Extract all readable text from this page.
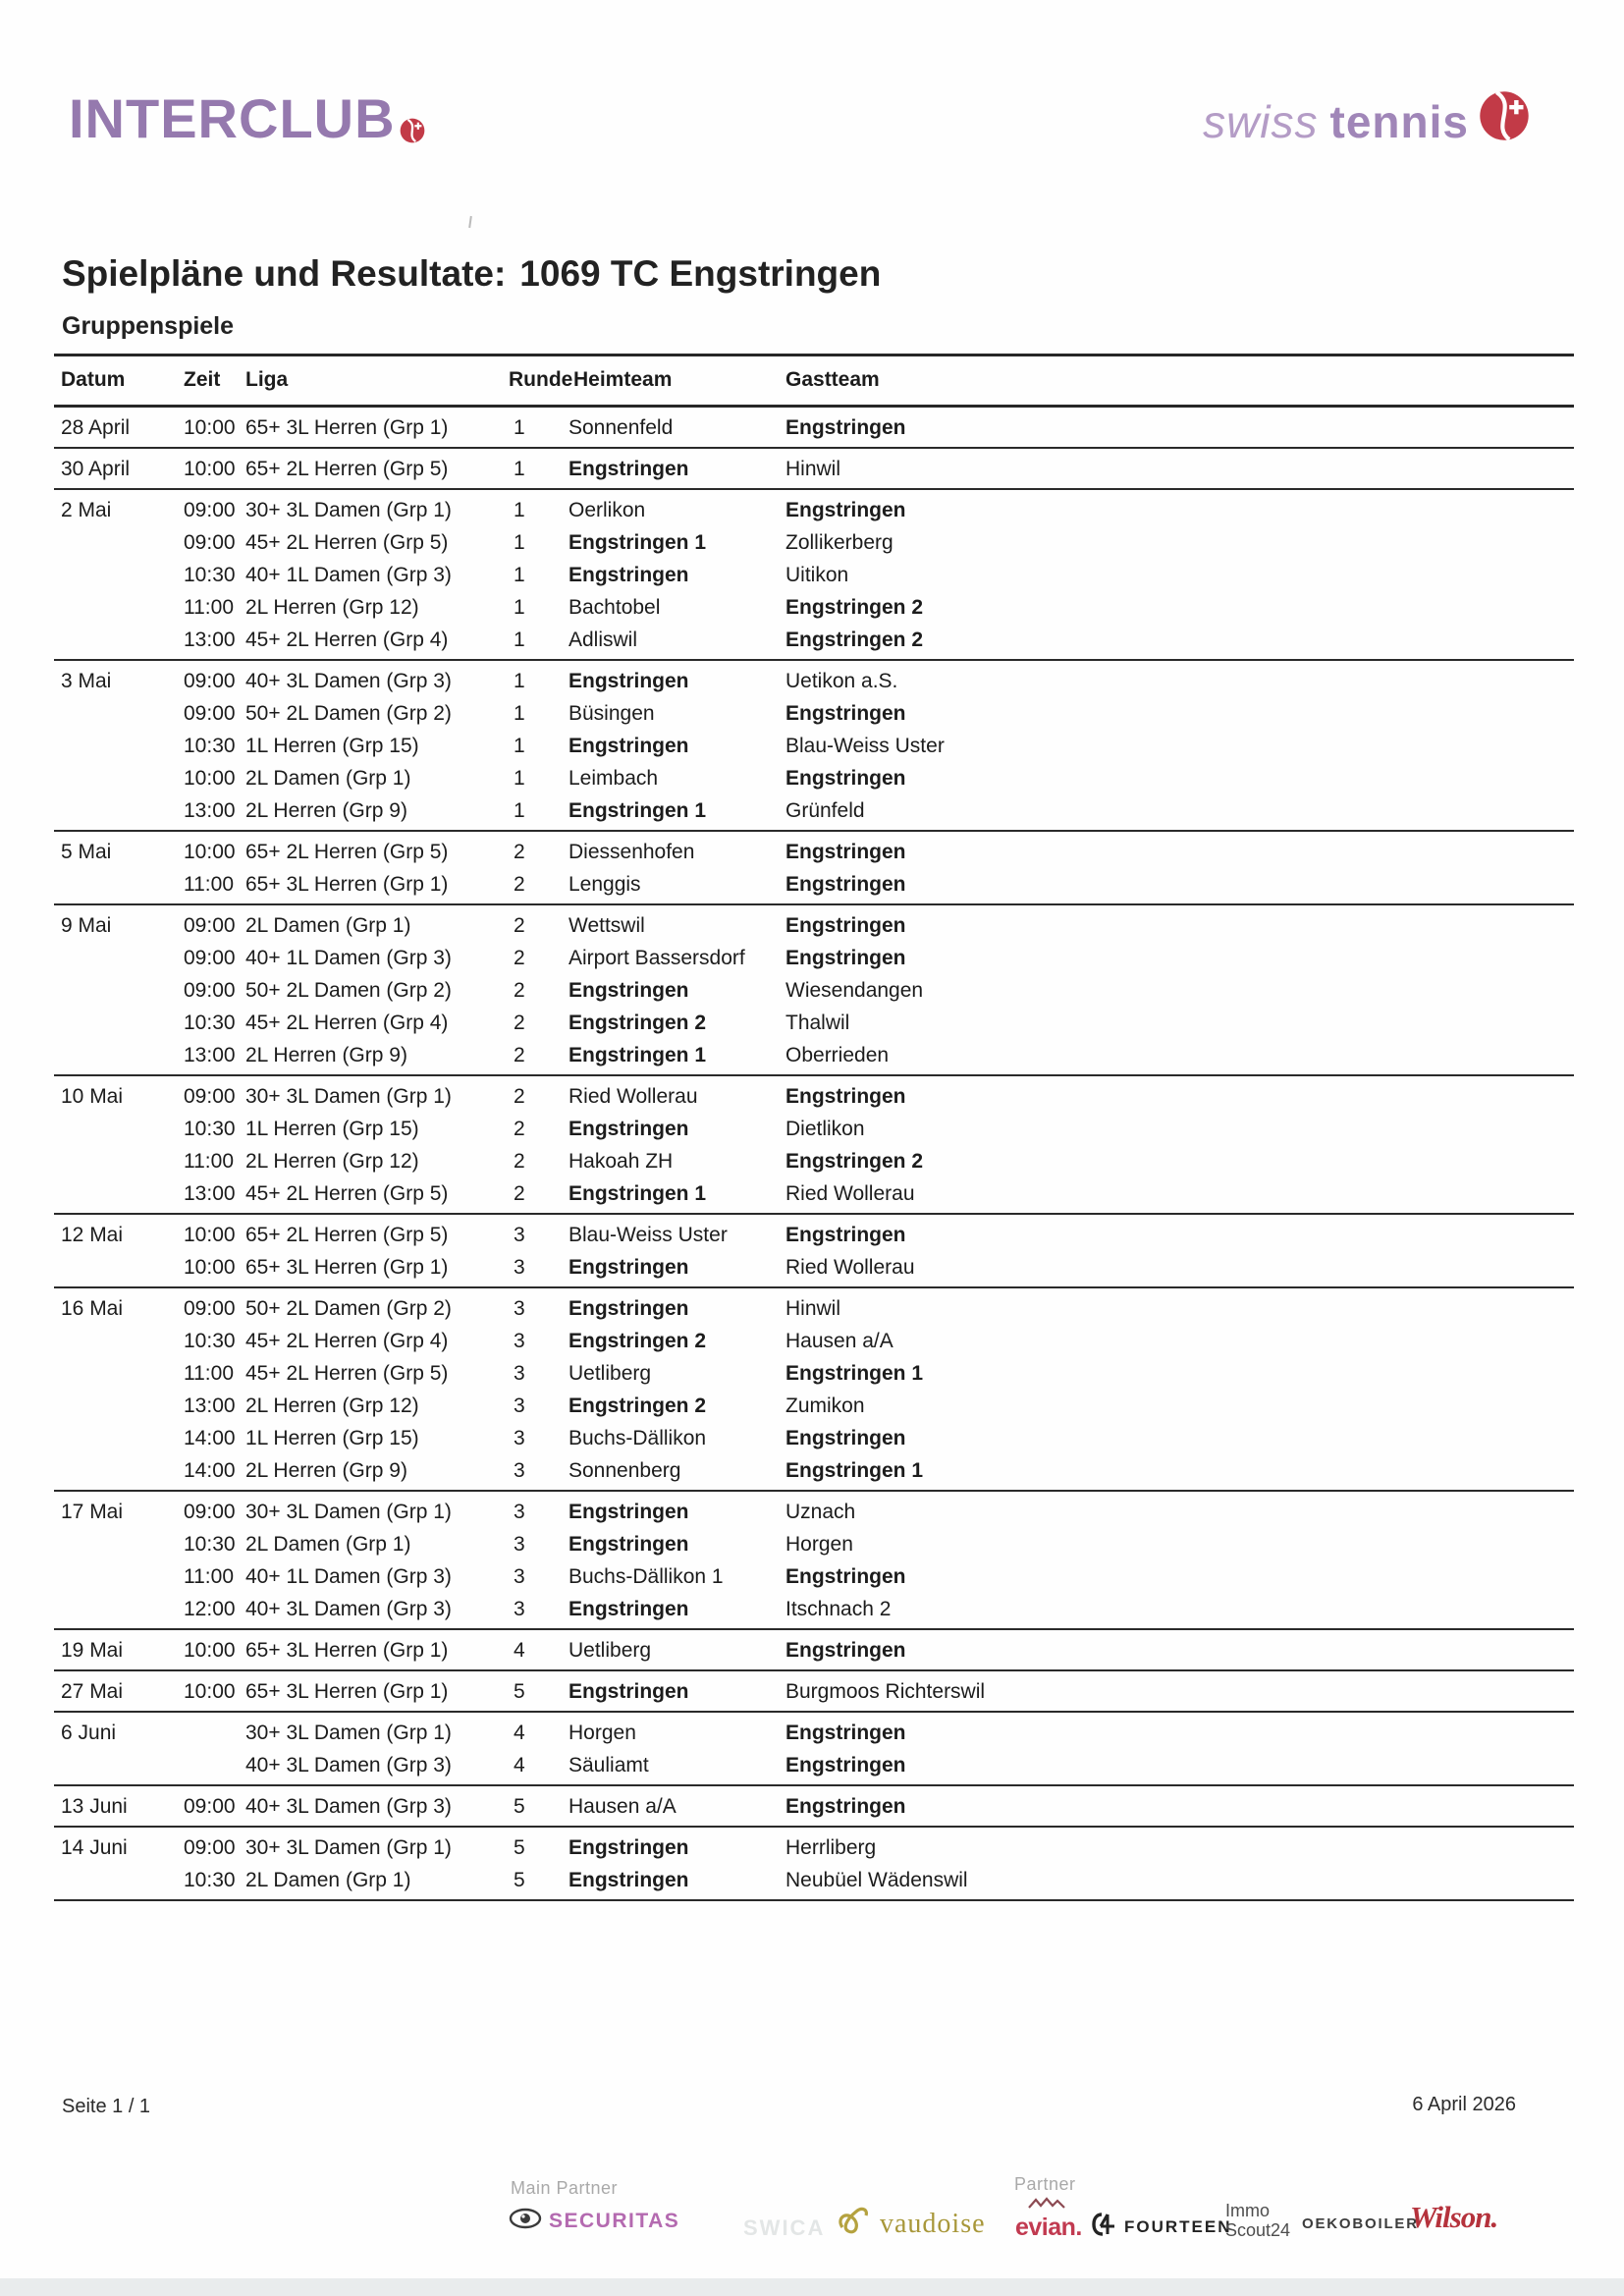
INTERCLUB	swiss tennis
Spielpläne und Resultate: 1069 TC Engstringen
Gruppenspiele
Datum	Zeit Liga	Runde Heimteam	Gastteam
28 April	10:00 65+ 3L Herren (Grp 1)	1	Sonnenfeld	Engstringen
30 April	10:00 65+ 2L Herren (Grp 5)	1	Engstringen	Hinwil
2 Mai	09:00 30+ 3L Damen (Grp 1)	1	Oerlikon	Engstringen
09:00 45+ 2L Herren (Grp 5)	1	Engstringen 1	Zollikerberg
10:30 40+ 1L Damen (Grp 3)	1	Engstringen	Uitikon
11:00 2L Herren (Grp 12)	1	Bachtobel	Engstringen 2
13:00 45+ 2L Herren (Grp 4)	1	Adliswil	Engstringen 2
3 Mai	09:00 40+ 3L Damen (Grp 3)	1	Engstringen	Uetikon a.S.
09:00 50+ 2L Damen (Grp 2)	1	Büsingen	Engstringen
10:30 1L Herren (Grp 15)	1	Engstringen	Blau-Weiss Uster
10:00 2L Damen (Grp 1)	1	Leimbach	Engstringen
13:00 2L Herren (Grp 9)	1	Engstringen 1	Grünfeld
5 Mai	10:00 65+ 2L Herren (Grp 5)	2	Diessenhofen	Engstringen
11:00 65+ 3L Herren (Grp 1)	2	Lenggis	Engstringen
9 Mai	09:00 2L Damen (Grp 1)	2	Wettswil	Engstringen
09:00 40+ 1L Damen (Grp 3)	2	Airport Bassersdorf	Engstringen
09:00 50+ 2L Damen (Grp 2)	2	Engstringen	Wiesendangen
10:30 45+ 2L Herren (Grp 4)	2	Engstringen 2	Thalwil
13:00 2L Herren (Grp 9)	2	Engstringen 1	Oberrieden
10 Mai	09:00 30+ 3L Damen (Grp 1)	2	Ried Wollerau	Engstringen
10:30 1L Herren (Grp 15)	2	Engstringen	Dietlikon
11:00 2L Herren (Grp 12)	2	Hakoah ZH	Engstringen 2
13:00 45+ 2L Herren (Grp 5)	2	Engstringen 1	Ried Wollerau
12 Mai	10:00 65+ 2L Herren (Grp 5)	3	Blau-Weiss Uster	Engstringen
10:00 65+ 3L Herren (Grp 1)	3	Engstringen	Ried Wollerau
16 Mai	09:00 50+ 2L Damen (Grp 2)	3	Engstringen	Hinwil
10:30 45+ 2L Herren (Grp 4)	3	Engstringen 2	Hausen a/A
11:00 45+ 2L Herren (Grp 5)	3	Uetliberg	Engstringen 1
13:00 2L Herren (Grp 12)	3	Engstringen 2	Zumikon
14:00 1L Herren (Grp 15)	3	Buchs-Dällikon	Engstringen
14:00 2L Herren (Grp 9)	3	Sonnenberg	Engstringen 1
17 Mai	09:00 30+ 3L Damen (Grp 1)	3	Engstringen	Uznach
10:30 2L Damen (Grp 1)	3	Engstringen	Horgen
11:00 40+ 1L Damen (Grp 3)	3	Buchs-Dällikon 1	Engstringen
12:00 40+ 3L Damen (Grp 3)	3	Engstringen	Itschnach 2
19 Mai	10:00 65+ 3L Herren (Grp 1)	4	Uetliberg	Engstringen
27 Mai	10:00 65+ 3L Herren (Grp 1)	5	Engstringen	Burgmoos Richterswil
6 Juni	30+ 3L Damen (Grp 1)	4	Horgen	Engstringen
40+ 3L Damen (Grp 3)	4	Säuliamt	Engstringen
13 Juni	09:00 40+ 3L Damen (Grp 3)	5	Hausen a/A	Engstringen
14 Juni	09:00 30+ 3L Damen (Grp 1)	5	Engstringen	Herrliberg
10:30 2L Damen (Grp 1)	5	Engstringen	Neubüel Wädenswil
Seite 1 / 1	6 April 2026
Main Partner	Partner
SECURITAS	SWICA vaudoise evian.	FOURTEEN
Immo
Scout24 OEKOBOILER
Wilson.
